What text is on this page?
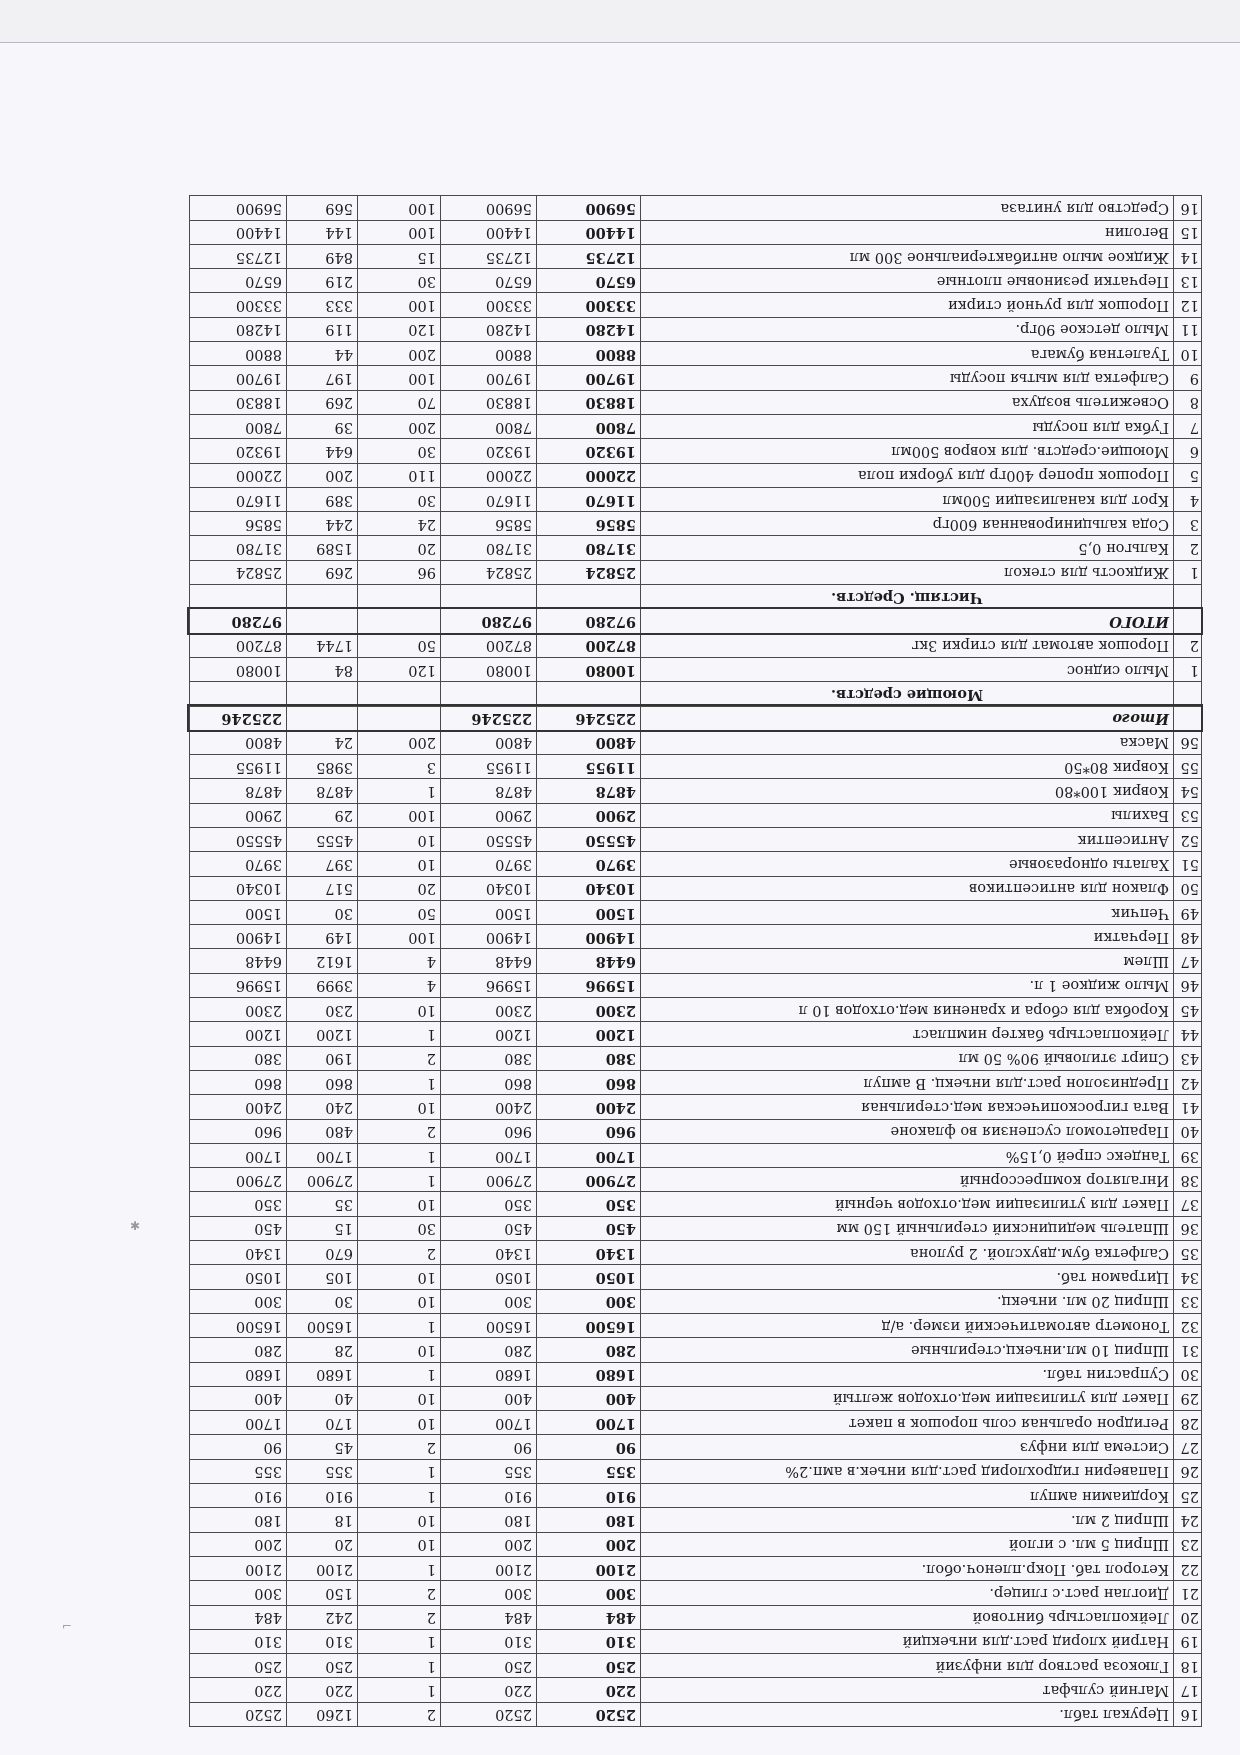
✱
⌐
16	Церукал табл.	2520	2520	2	1260	2520
17	Магний сульфат	220	220	1	220	220
18	Глюкоза раствор для инфузий	250	250	1	250	250
19	Натрий хлорид раст.для инъекций	310	310	1	310	310
20	Лейкопластырь бинтовой	484	484	2	242	484
21	Диоглан раст.с глицер.	300	300	2	150	300
22	Кеторол таб. Покр.пленоч.обол.	2100	2100	1	2100	2100
23	Шприц 5 мл. с иглой	200	200	10	20	200
24	Шприц 2 мл.	180	180	10	18	180
25	Кордиамин ампул	910	910	1	910	910
26	Папаверин гидрохлорид раст.для инъек.в амп.2%	355	355	1	355	355
27	Система для инфуз	90	90	2	45	90
28	Регидрон оральная соль порошок в пакет	1700	1700	10	170	1700
29	Пакет для утилизации мед.отходов желтый	400	400	10	40	400
30	Супрастин табл.	1680	1680	1	1680	1680
31	Шприц 10 мл.инъекц.стерильные	280	280	10	28	280
32	Тонометр автоматический измер. а/д	16500	16500	1	16500	16500
33	Шприц 20 мл. инъекц.	300	300	10	30	300
34	Цитрамон таб.	1050	1050	10	105	1050
35	Салфетка бум.двухслой. 2 рулона	1340	1340	2	670	1340
36	Шпатель медицинский стерильный 150 мм	450	450	30	15	450
37	Пакет для утилизации мед.отходов черный	350	350	10	35	350
38	Ингалятор компрессорный	27900	27900	1	27900	27900
39	Тандекс спрей 0,15%	1700	1700	1	1700	1700
40	Парацетомол суспензия во флаконе	960	960	2	480	960
41	Вата гигроскопическая мед.стерильная	2400	2400	10	240	2400
42	Преднизолон раст.для инъекц. В ампул	860	860	1	860	860
43	Спирт этиловый 90% 50 мл	380	380	2	190	380
44	Лейкопластырь бактер нимпласт	1200	1200	1	1200	1200
45	Коробка для сбора и хранения мед.отходов 10 л	2300	2300	10	230	2300
46	Мыло жидкое 1 л.	15996	15996	4	3999	15996
47	Шлем	6448	6448	4	1612	6448
48	Перчатки	14900	14900	100	149	14900
49	Чепчик	1500	1500	50	30	1500
50	Флакон для антисептиков	10340	10340	20	517	10340
51	Халаты одноразовые	3970	3970	10	397	3970
52	Антисептик	45550	45550	10	4555	45550
53	Бахилы	2900	2900	100	29	2900
54	Коврик 100*80	4878	4878	1	4878	4878
55	Коврик 80*50	11955	11955	3	3985	11955
56	Маска	4800	4800	200	24	4800
	Итого	225246	225246			225246
	Моющие средств.					
1	Мыло сиднос	10080	10080	120	84	10080
2	Порошок автомат для стирки 3кг	87200	87200	50	1744	87200
	ИТОГО	97280	97280			97280
	Чистящ. Средств.					
1	Жидкость для стекол	25824	25824	96	269	25824
2	Кальгон 0,5	31780	31780	20	1589	31780
3	Сода кальцинированная 600гр	5856	5856	24	244	5856
4	Крот для канализации 500мл	11670	11670	30	389	11670
5	Порошок пропер 400гр для уборки пола	22000	22000	110	200	22000
6	Моющие.средств. для ковров 500мл	19320	19320	30	644	19320
7	Губка для посуды	7800	7800	200	39	7800
8	Освежитель воздуха	18830	18830	70	269	18830
9	Салфетка для мытья посуды	19700	19700	100	197	19700
10	Туалетная бумага	8800	8800	200	44	8800
11	Мыло детское 90гр.	14280	14280	120	119	14280
12	Порошок для ручной стирки	33300	33300	100	333	33300
13	Перчатки резиновые плотные	6570	6570	30	219	6570
14	Жидкое мыло антибактериальное 300 мл	12735	12735	15	849	12735
15	Веголин	14400	14400	100	144	14400
16	Средство для унитаза	56900	56900	100	569	56900
